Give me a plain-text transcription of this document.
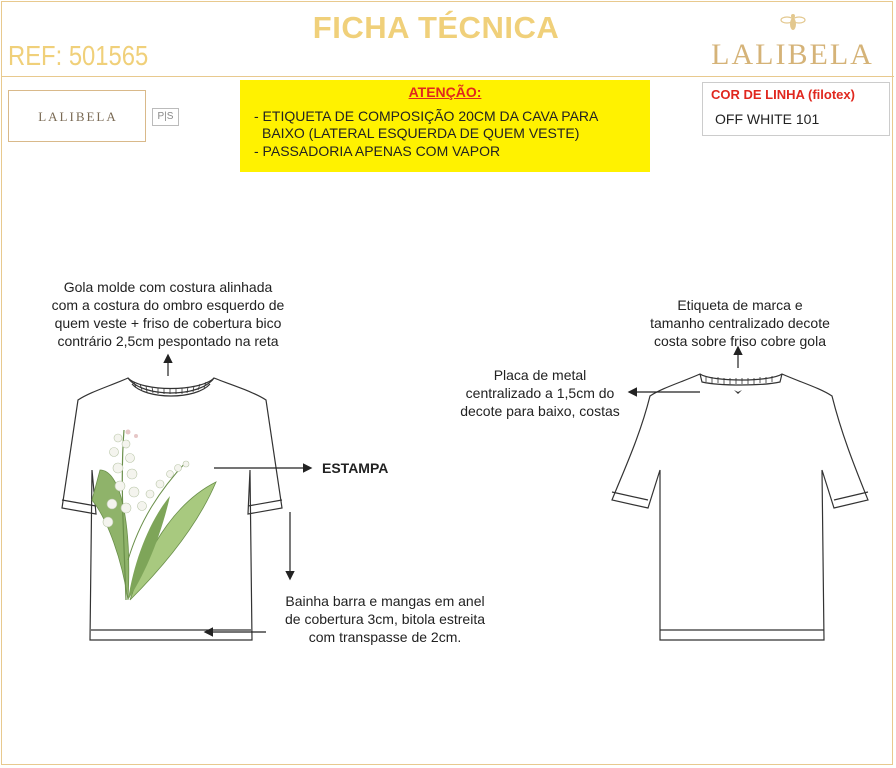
FICHA TÉCNICA
REF: 501565	LALIBELA
LALIBELA	P|S
ATENÇÃO:
- ETIQUETA DE COMPOSIÇÃO 20CM DA CAVA PARA
BAIXO (LATERAL ESQUERDA DE QUEM VESTE)
- PASSADORIA APENAS COM VAPOR
COR DE LINHA (filotex)
OFF WHITE 101
Gola molde com costura alinhada
com a costura do ombro esquerdo de
quem veste + friso de cobertura bico
contrário 2,5cm pespontado na reta
ESTAMPA
Bainha barra e mangas em anel
de cobertura 3cm, bitola estreita
com transpasse de 2cm.
Etiqueta de marca e
tamanho centralizado decote
costa sobre friso cobre gola
Placa de metal
centralizado a 1,5cm do
decote para baixo, costas
